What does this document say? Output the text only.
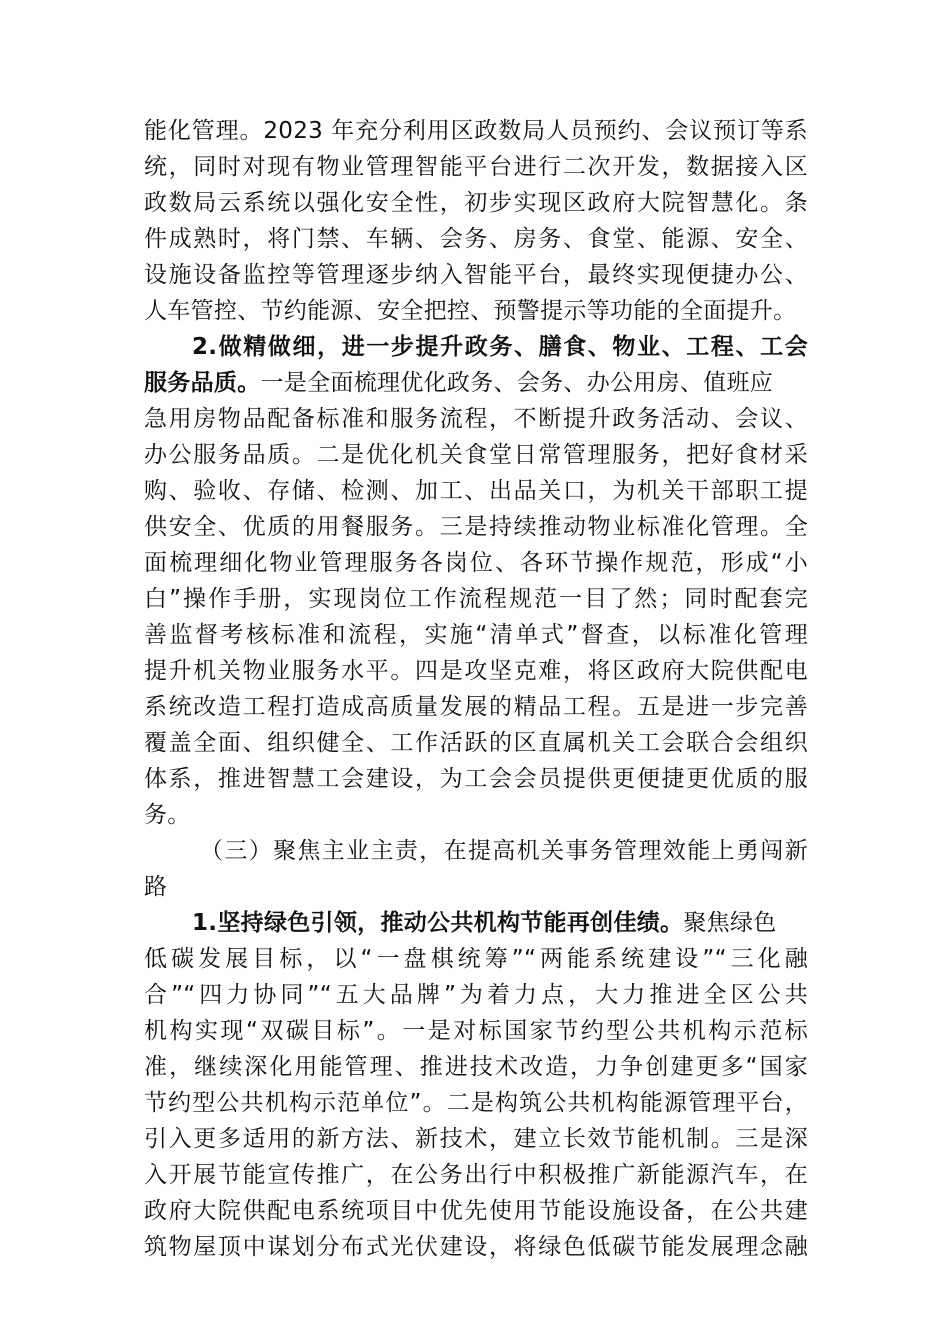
能化管理。2023 年充分利用区政数局人员预约、会议预订等系
统，同时对现有物业管理智能平台进行二次开发，数据接入区
政数局云系统以强化安全性，初步实现区政府大院智慧化。条
件成熟时，将门禁、车辆、会务、房务、食堂、能源、安全、
设施设备监控等管理逐步纳入智能平台，最终实现便捷办公、
人车管控、节约能源、安全把控、预警提示等功能的全面提升。
2.做精做细，进一步提升政务、膳食、物业、工程、工会
服务品质。一是全面梳理优化政务、会务、办公用房、值班应
急用房物品配备标准和服务流程，不断提升政务活动、会议、
办公服务品质。二是优化机关食堂日常管理服务，把好食材采
购、验收、存储、检测、加工、出品关口，为机关干部职工提
供安全、优质的用餐服务。三是持续推动物业标准化管理。全
面梳理细化物业管理服务各岗位、各环节操作规范，形成“小
白”操作手册，实现岗位工作流程规范一目了然；同时配套完
善监督考核标准和流程，实施“清单式”督查，以标准化管理
提升机关物业服务水平。四是攻坚克难，将区政府大院供配电
系统改造工程打造成高质量发展的精品工程。五是进一步完善
覆盖全面、组织健全、工作活跃的区直属机关工会联合会组织
体系，推进智慧工会建设，为工会会员提供更便捷更优质的服
务。
（三）聚焦主业主责，在提高机关事务管理效能上勇闯新
路
1.坚持绿色引领，推动公共机构节能再创佳绩。聚焦绿色
低碳发展目标，以“一盘棋统筹”“两能系统建设”“三化融
合”“四力协同”“五大品牌”为着力点，大力推进全区公共
机构实现“双碳目标”。一是对标国家节约型公共机构示范标
准，继续深化用能管理、推进技术改造，力争创建更多“国家
节约型公共机构示范单位”。二是构筑公共机构能源管理平台，
引入更多适用的新方法、新技术，建立长效节能机制。三是深
入开展节能宣传推广，在公务出行中积极推广新能源汽车，在
政府大院供配电系统项目中优先使用节能设施设备，在公共建
筑物屋顶中谋划分布式光伏建设，将绿色低碳节能发展理念融
